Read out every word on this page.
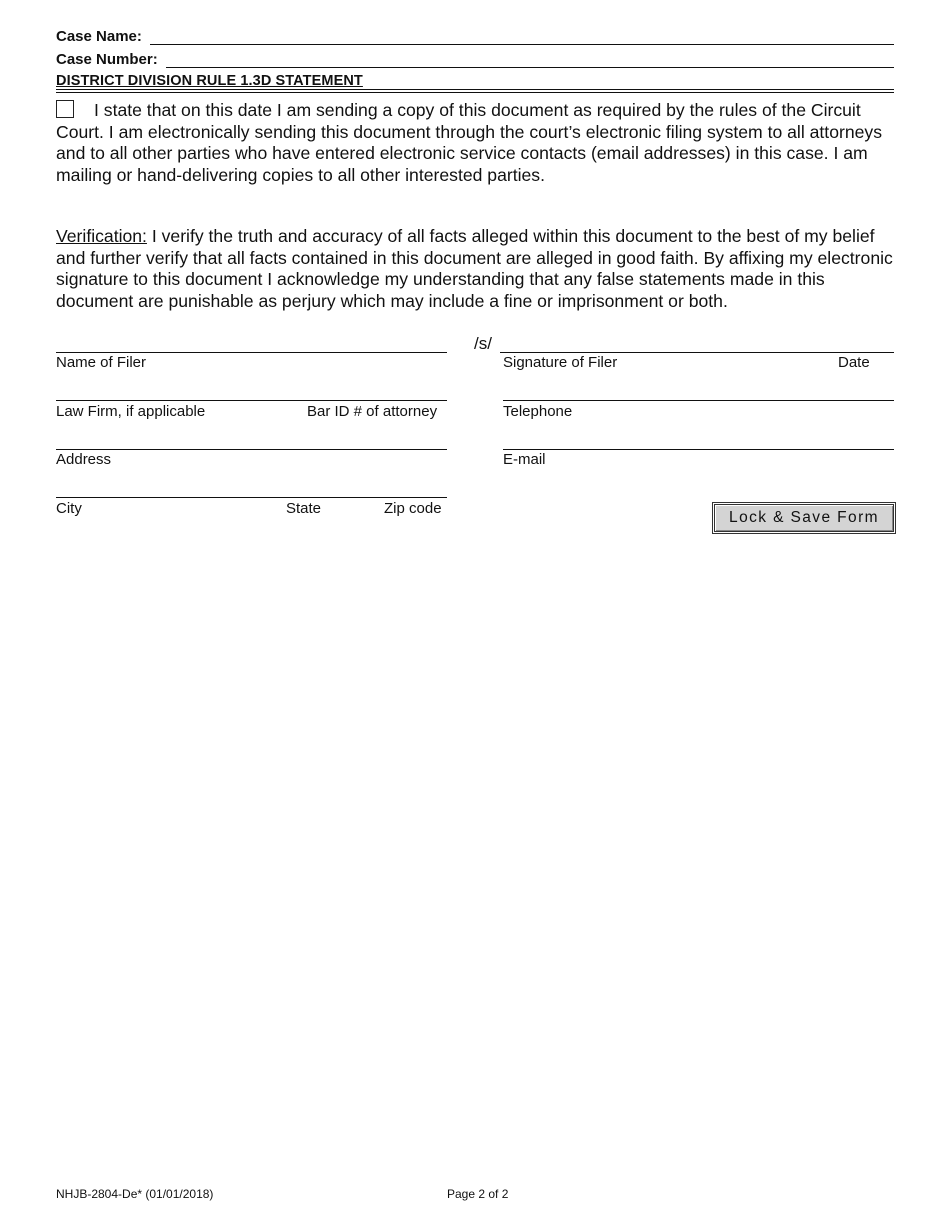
Case Name:
Case Number:
DISTRICT DIVISION RULE 1.3D STATEMENT
I state that on this date I am sending a copy of this document as required by the rules of the Circuit Court. I am electronically sending this document through the court’s electronic filing system to all attorneys and to all other parties who have entered electronic service contacts (email addresses) in this case. I am mailing or hand-delivering copies to all other interested parties.
Verification: I verify the truth and accuracy of all facts alleged within this document to the best of my belief and further verify that all facts contained in this document are alleged in good faith. By affixing my electronic signature to this document I acknowledge my understanding that any false statements made in this document are punishable as perjury which may include a fine or imprisonment or both.
/s/
Name of Filer	Signature of Filer	Date
Law Firm, if applicable	Bar ID # of attorney	Telephone
Address	E-mail
City	State	Zip code
Lock & Save Form
NHJB-2804-De* (01/01/2018)	Page 2 of 2
